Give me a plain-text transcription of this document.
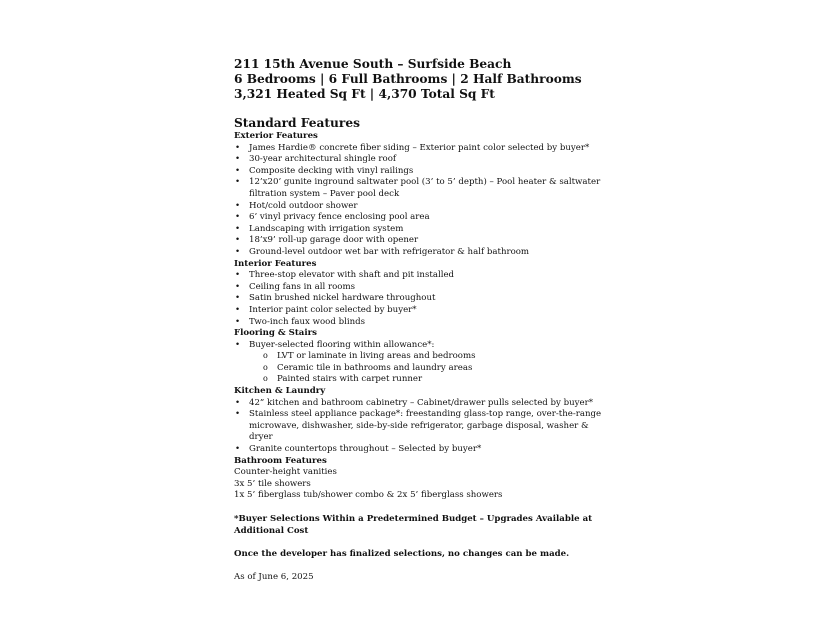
211 15th Avenue South – Surfside Beach

6 Bedrooms | 6 Full Bathrooms | 2 Half Bathrooms

3,321 Heated Sq Ft | 4,370 Total Sq Ft

Standard Features

Exterior Features

• James Hardie® concrete fiber siding – Exterior paint color selected by buyer*
• 30-year architectural shingle roof
• Composite decking with vinyl railings
• 12’x20’ gunite inground saltwater pool (3’ to 5’ depth) – Pool heater & saltwater filtration system – Paver pool deck
• Hot/cold outdoor shower
• 6’ vinyl privacy fence enclosing pool area
• Landscaping with irrigation system
• 18’x9’ roll-up garage door with opener
• Ground-level outdoor wet bar with refrigerator & half bathroom

Interior Features

• Three-stop elevator with shaft and pit installed
• Ceiling fans in all rooms
• Satin brushed nickel hardware throughout
• Interior paint color selected by buyer*
• Two-inch faux wood blinds

Flooring & Stairs

• Buyer-selected flooring within allowance*:
o LVT or laminate in living areas and bedrooms
o Ceramic tile in bathrooms and laundry areas
o Painted stairs with carpet runner

Kitchen & Laundry

• 42” kitchen and bathroom cabinetry – Cabinet/drawer pulls selected by buyer*
• Stainless steel appliance package*: freestanding glass-top range, over-the-range microwave, dishwasher, side-by-side refrigerator, garbage disposal, washer & dryer
• Granite countertops throughout – Selected by buyer*

Bathroom Features

Counter-height vanities

3x 5’ tile showers

1x 5’ fiberglass tub/shower combo & 2x 5’ fiberglass showers

*Buyer Selections Within a Predetermined Budget – Upgrades Available at Additional Cost

Once the developer has finalized selections, no changes can be made.

As of June 6, 2025
